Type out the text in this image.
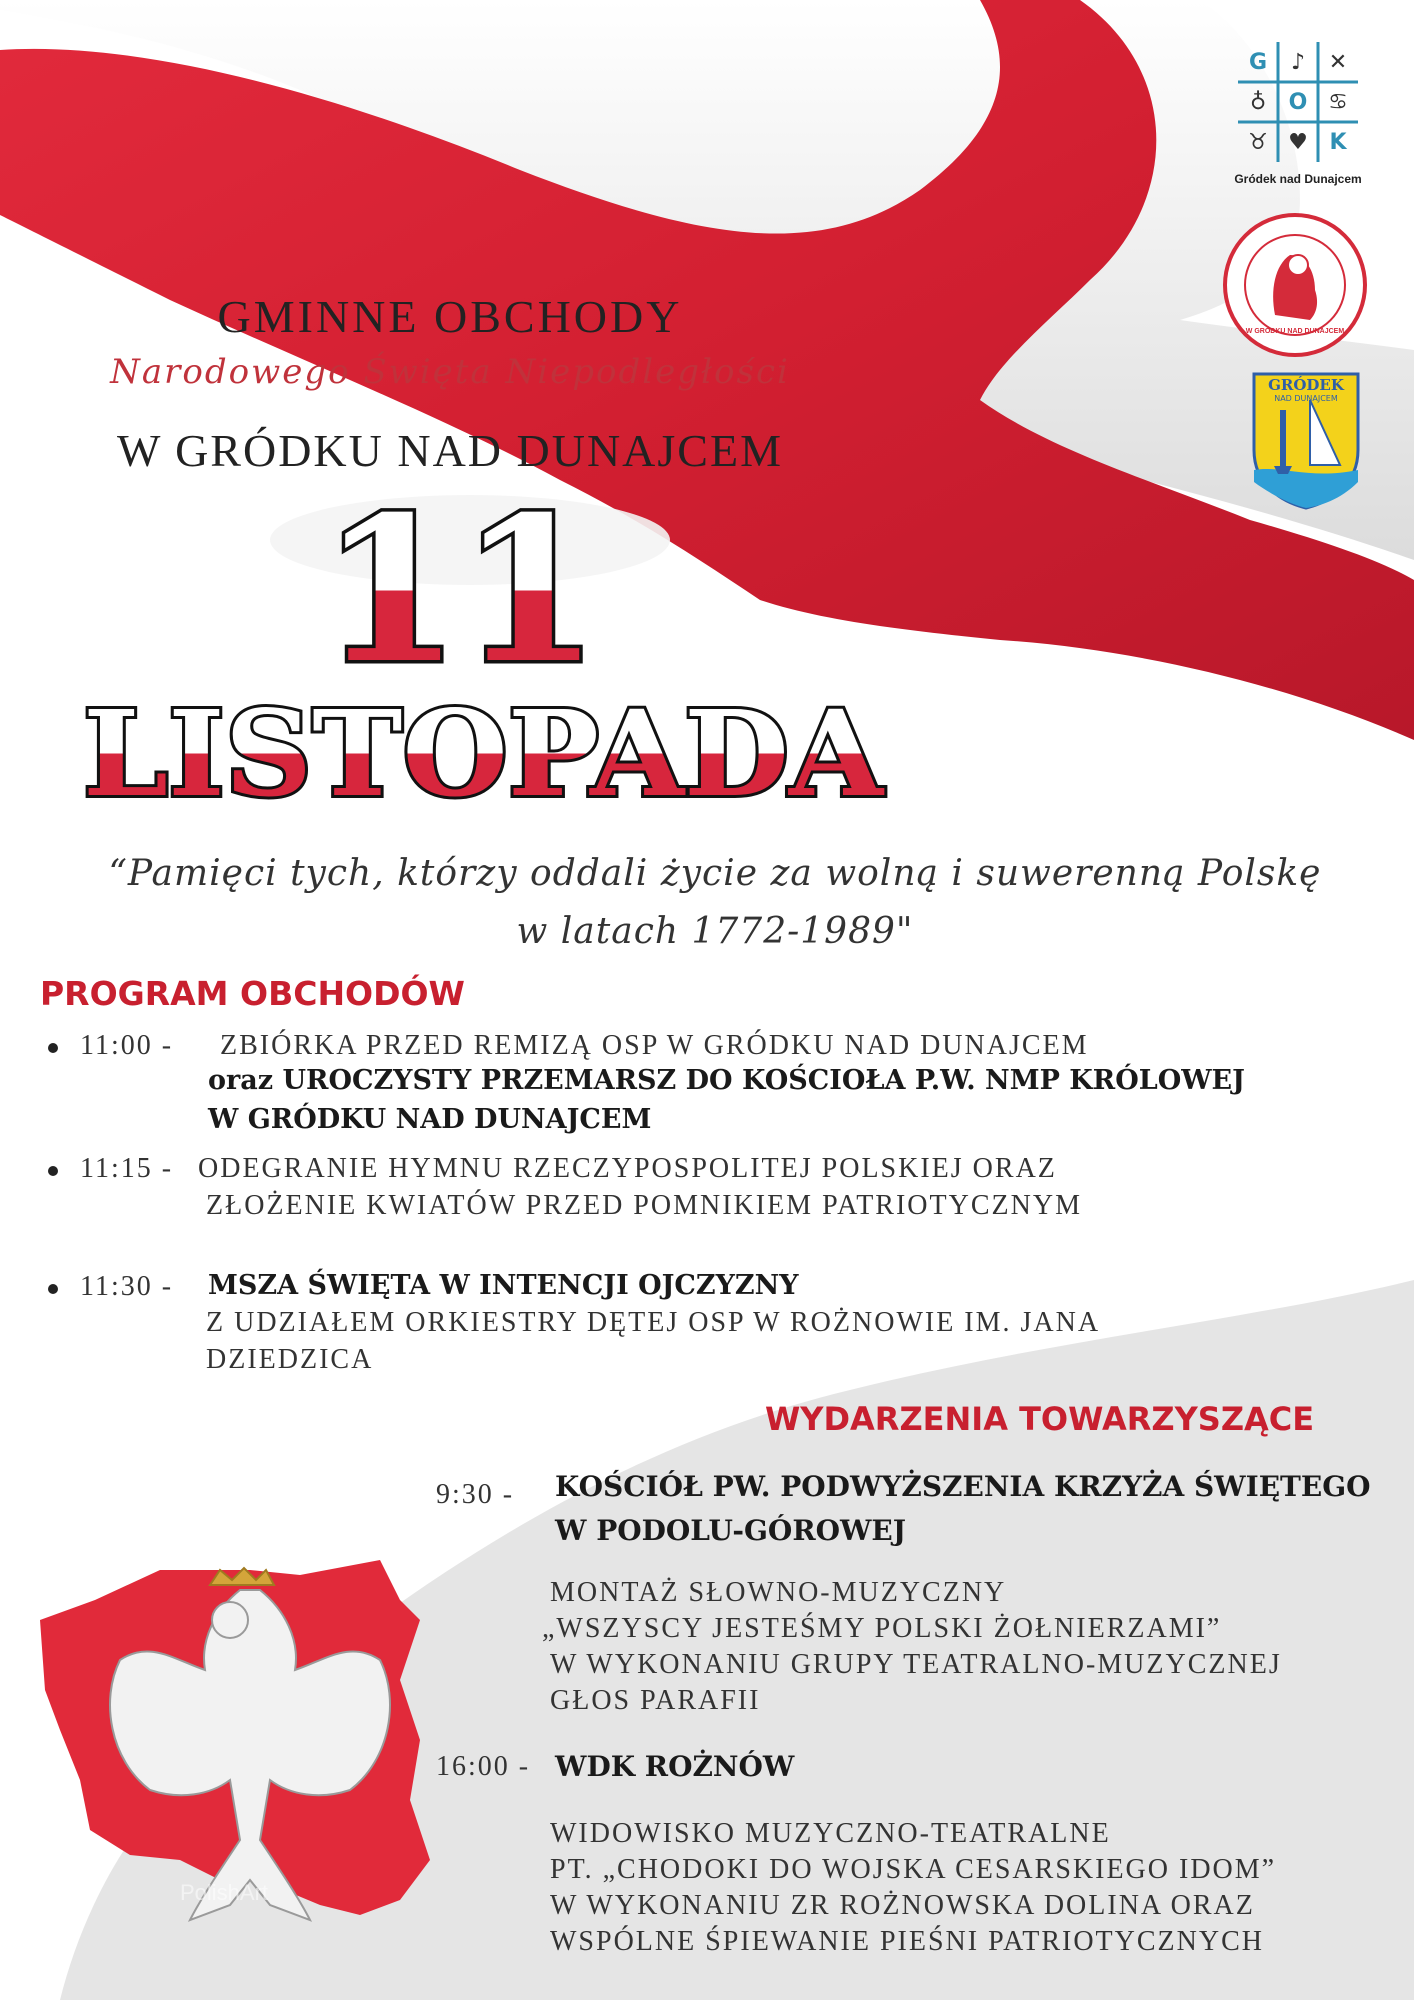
PolishArt
G	♪	✕
♁	O ♋
♉ ♥ K
Gródek nad Dunajcem
W GRÓDKU NAD DUNAJCEM
GRÓDEK
NAD DUNAJCEM
GMINNE OBCHODY
Narodowego Święta Niepodległości
W GRÓDKU NAD DUNAJCEM
11
LISTOPADA
“Pamięci tych, którzy oddali życie za wolną i suwerenną Polskę
w latach 1772-1989"
PROGRAM OBCHODÓW
11:00 - ZBIÓRKA PRZED REMIZĄ OSP W GRÓDKU NAD DUNAJCEM
oraz UROCZYSTY PRZEMARSZ DO KOŚCIOŁA P.W. NMP KRÓLOWEJ
W GRÓDKU NAD DUNAJCEM
11:15 - ODEGRANIE HYMNU RZECZYPOSPOLITEJ POLSKIEJ ORAZ
ZŁOŻENIE KWIATÓW PRZED POMNIKIEM PATRIOTYCZNYM
11:30 - MSZA ŚWIĘTA W INTENCJI OJCZYZNY
Z UDZIAŁEM ORKIESTRY DĘTEJ OSP W ROŻNOWIE IM. JANA
DZIEDZICA
WYDARZENIA TOWARZYSZĄCE
9:30 - KOŚCIÓŁ PW. PODWYŻSZENIA KRZYŻA ŚWIĘTEGO
W PODOLU-GÓROWEJ
MONTAŻ SŁOWNO-MUZYCZNY
„WSZYSCY JESTEŚMY POLSKI ŻOŁNIERZAMI”
W WYKONANIU GRUPY TEATRALNO-MUZYCZNEJ
GŁOS PARAFII
16:00 - WDK ROŻNÓW
WIDOWISKO MUZYCZNO-TEATRALNE
PT. „CHODOKI DO WOJSKA CESARSKIEGO IDOM”
W WYKONANIU ZR ROŻNOWSKA DOLINA ORAZ
WSPÓLNE ŚPIEWANIE PIEŚNI PATRIOTYCZNYCH
